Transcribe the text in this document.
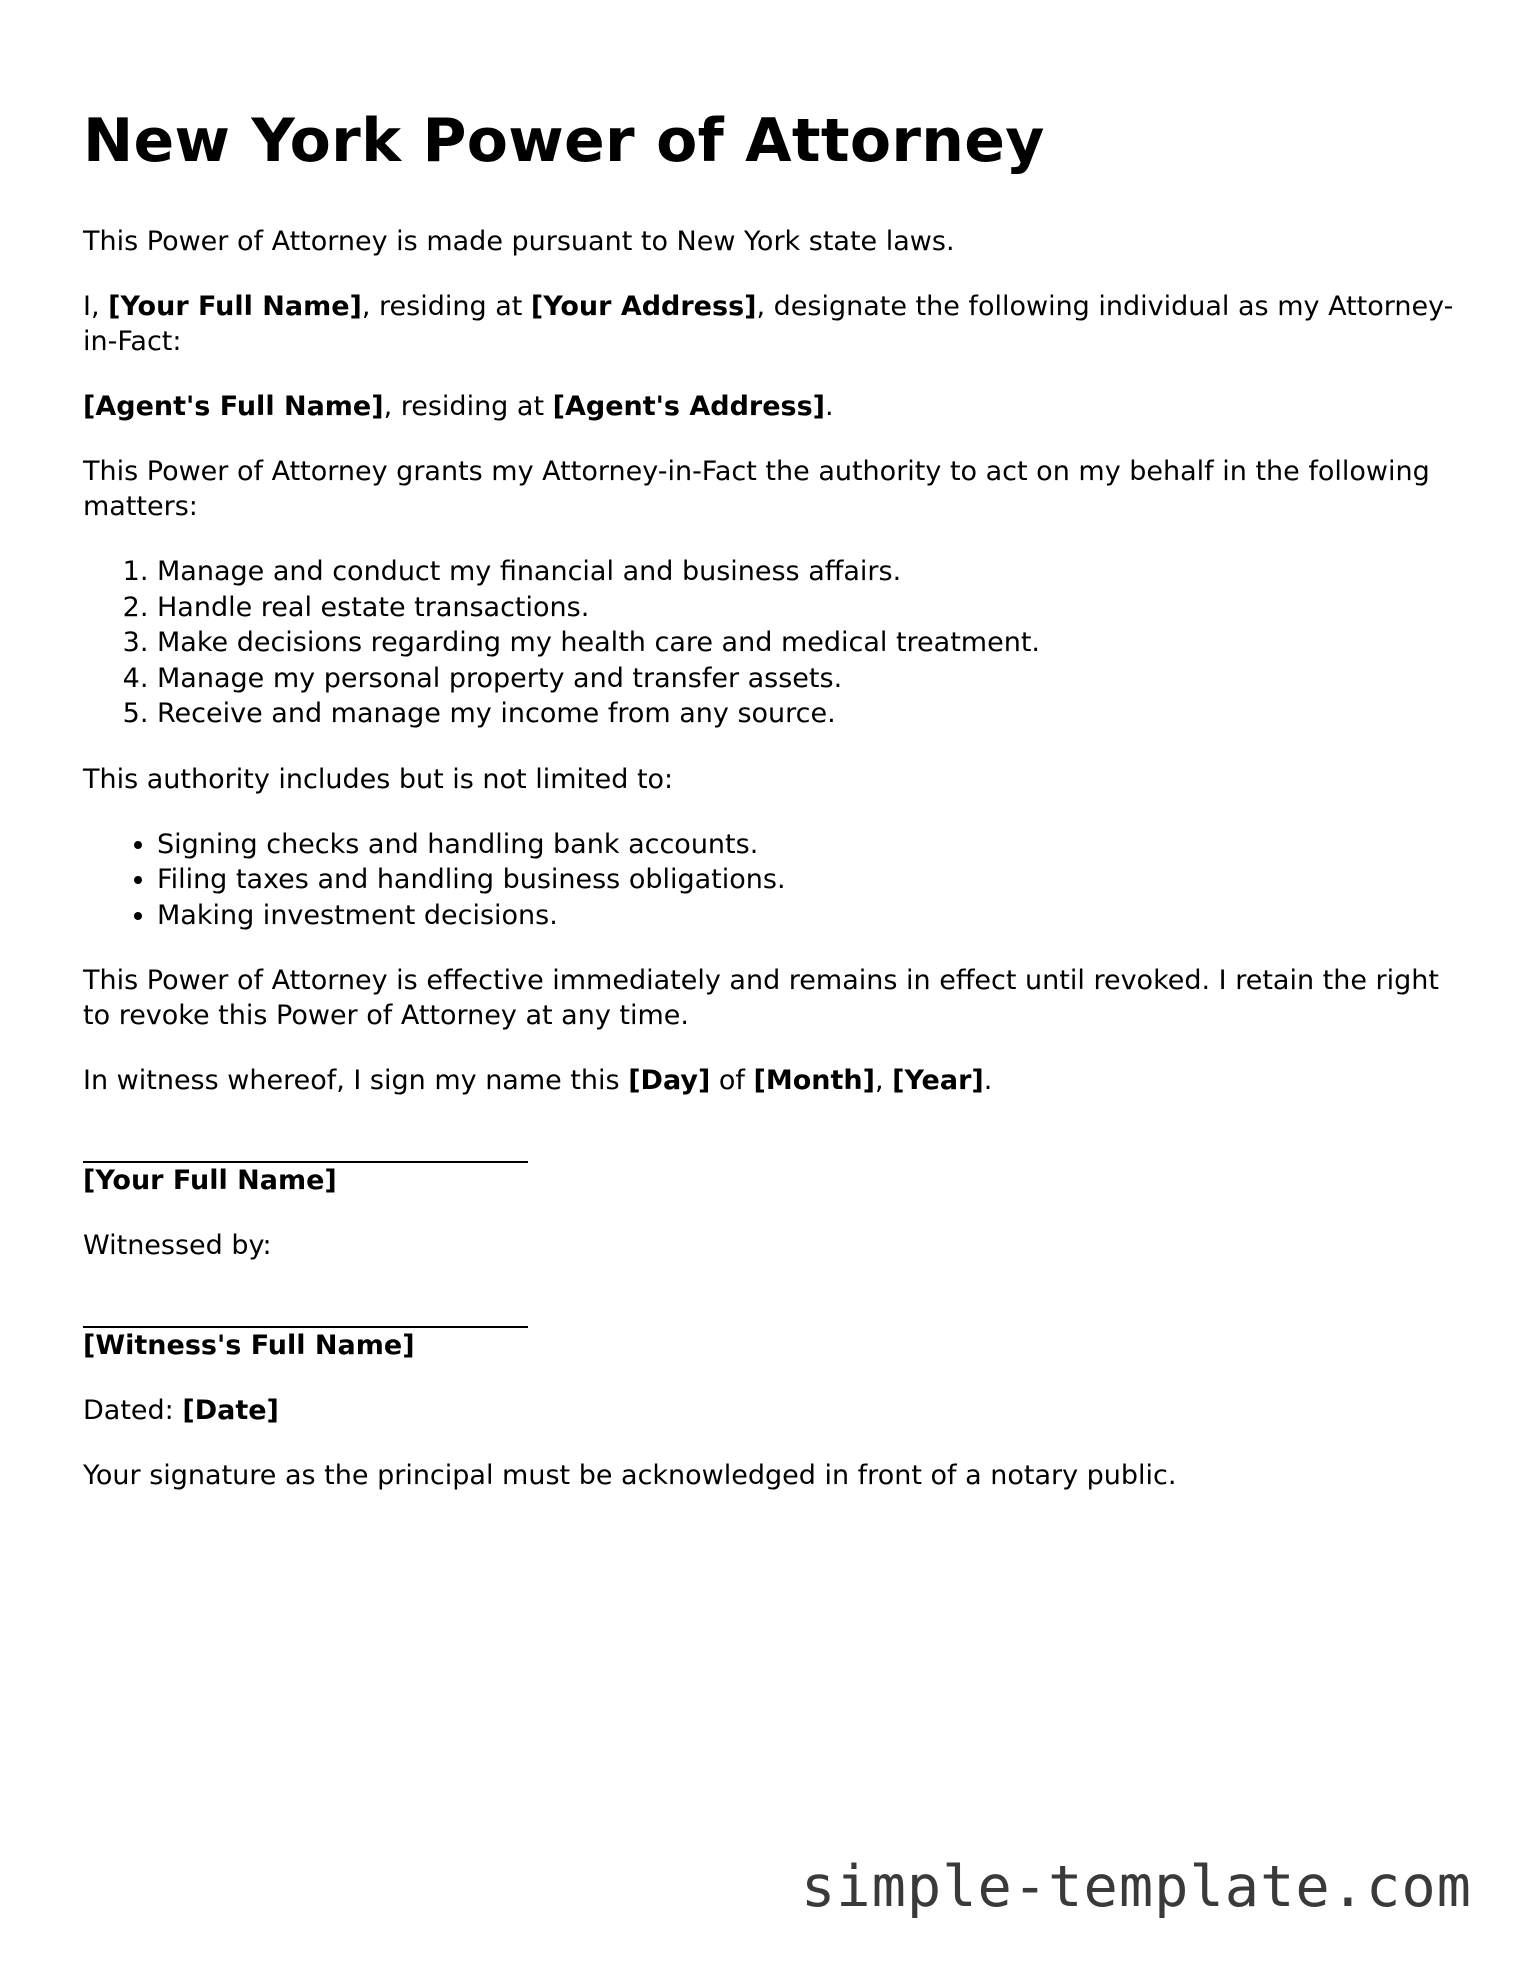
New York Power of Attorney

This Power of Attorney is made pursuant to New York state laws.

I, [Your Full Name], residing at [Your Address], designate the following individual as my Attorney-in-Fact:

[Agent's Full Name], residing at [Agent's Address].

This Power of Attorney grants my Attorney-in-Fact the authority to act on my behalf in the following matters:

1. Manage and conduct my financial and business affairs.
2. Handle real estate transactions.
3. Make decisions regarding my health care and medical treatment.
4. Manage my personal property and transfer assets.
5. Receive and manage my income from any source.

This authority includes but is not limited to:

• Signing checks and handling bank accounts.
• Filing taxes and handling business obligations.
• Making investment decisions.

This Power of Attorney is effective immediately and remains in effect until revoked. I retain the right to revoke this Power of Attorney at any time.

In witness whereof, I sign my name this [Day] of [Month], [Year].

[Your Full Name]

Witnessed by:

[Witness's Full Name]

Dated: [Date]

Your signature as the principal must be acknowledged in front of a notary public.

simple-template.com
